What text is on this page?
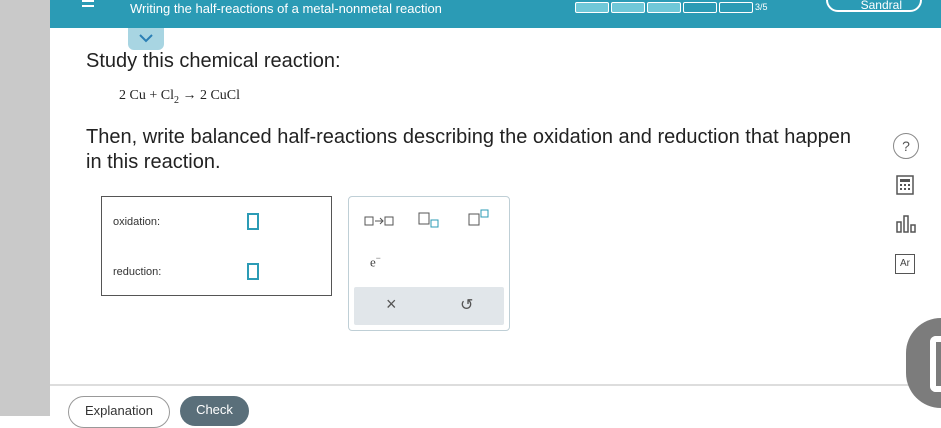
Writing the half-reactions of a metal-nonmetal reaction	3/5	Sandral
Study this chemical reaction:
2 $Cu + Cl_2 \to 2$ CuCl
Then, write balanced half-reactions describing the oxidation and reduction that happen in this reaction.
oxidation:
reduction:
e−
×	↺
?
Ar
Explanation	Check
